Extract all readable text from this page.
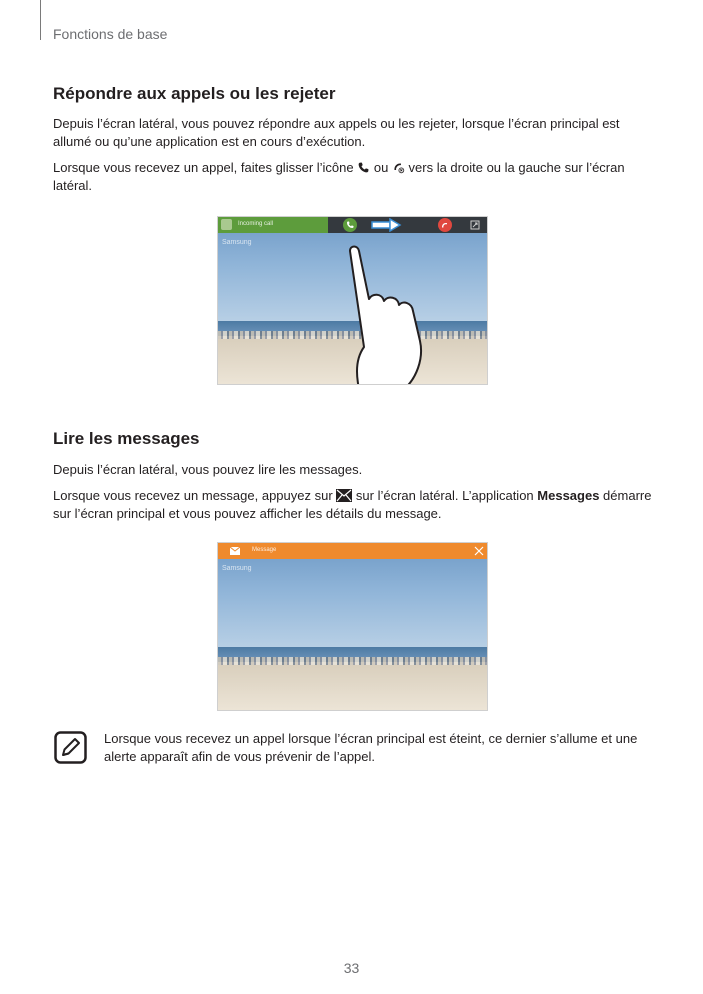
Fonctions de base
Répondre aux appels ou les rejeter

Depuis l’écran latéral, vous pouvez répondre aux appels ou les rejeter, lorsque l’écran principal est allumé ou qu’une application est en cours d’exécution.

Lorsque vous recevez un appel, faites glisser l’icône  ou  vers la droite ou la gauche sur l’écran latéral.

Incoming call
Samsung
Lire les messages

Depuis l’écran latéral, vous pouvez lire les messages.

Lorsque vous recevez un message, appuyez sur  sur l’écran latéral. L’application Messages démarre sur l’écran principal et vous pouvez afficher les détails du message.

Message
Samsung

Lorsque vous recevez un appel lorsque l’écran principal est éteint, ce dernier s’allume et une alerte apparaît afin de vous prévenir de l’appel.

33
